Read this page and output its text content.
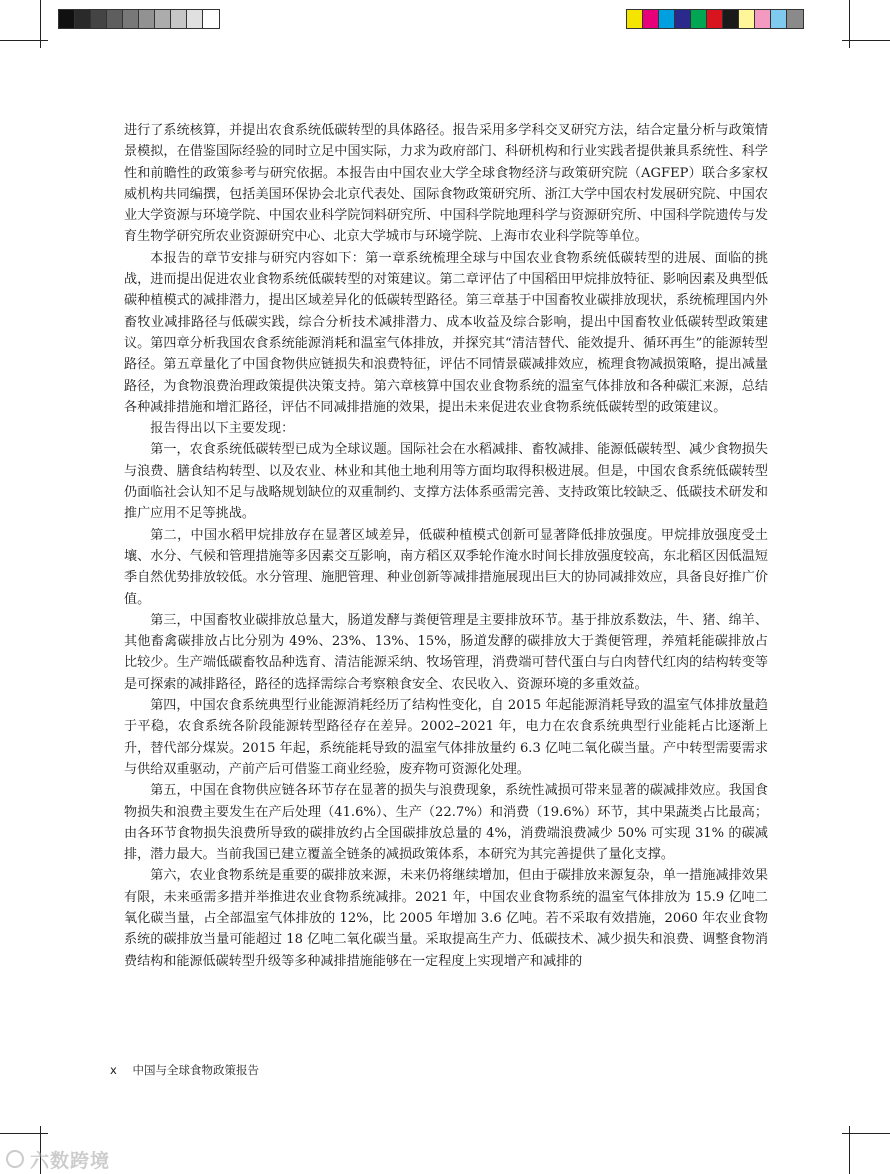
进行了系统核算，并提出农食系统低碳转型的具体路径。报告采用多学科交叉研究方法，结合定量分析与政策情景模拟，在借鉴国际经验的同时立足中国实际，力求为政府部门、科研机构和行业实践者提供兼具系统性、科学性和前瞻性的政策参考与研究依据。本报告由中国农业大学全球食物经济与政策研究院（AGFEP）联合多家权威机构共同编撰，包括美国环保协会北京代表处、国际食物政策研究所、浙江大学中国农村发展研究院、中国农业大学资源与环境学院、中国农业科学院饲料研究所、中国科学院地理科学与资源研究所、中国科学院遗传与发育生物学研究所农业资源研究中心、北京大学城市与环境学院、上海市农业科学院等单位。

本报告的章节安排与研究内容如下：第一章系统梳理全球与中国农业食物系统低碳转型的进展、面临的挑战，进而提出促进农业食物系统低碳转型的对策建议。第二章评估了中国稻田甲烷排放特征、影响因素及典型低碳种植模式的减排潜力，提出区域差异化的低碳转型路径。第三章基于中国畜牧业碳排放现状，系统梳理国内外畜牧业减排路径与低碳实践，综合分析技术减排潜力、成本收益及综合影响，提出中国畜牧业低碳转型政策建议。第四章分析我国农食系统能源消耗和温室气体排放，并探究其“清洁替代、能效提升、循环再生”的能源转型路径。第五章量化了中国食物供应链损失和浪费特征，评估不同情景碳减排效应，梳理食物减损策略，提出减量路径，为食物浪费治理政策提供决策支持。第六章核算中国农业食物系统的温室气体排放和各种碳汇来源，总结各种减排措施和增汇路径，评估不同减排措施的效果，提出未来促进农业食物系统低碳转型的政策建议。

报告得出以下主要发现：

第一，农食系统低碳转型已成为全球议题。国际社会在水稻减排、畜牧减排、能源低碳转型、减少食物损失与浪费、膳食结构转型、以及农业、林业和其他土地利用等方面均取得积极进展。但是，中国农食系统低碳转型仍面临社会认知不足与战略规划缺位的双重制约、支撑方法体系亟需完善、支持政策比较缺乏、低碳技术研发和推广应用不足等挑战。

第二，中国水稻甲烷排放存在显著区域差异，低碳种植模式创新可显著降低排放强度。甲烷排放强度受土壤、水分、气候和管理措施等多因素交互影响，南方稻区双季轮作淹水时间长排放强度较高，东北稻区因低温短季自然优势排放较低。水分管理、施肥管理、种业创新等减排措施展现出巨大的协同减排效应，具备良好推广价值。

第三，中国畜牧业碳排放总量大，肠道发酵与粪便管理是主要排放环节。基于排放系数法，牛、猪、绵羊、其他畜禽碳排放占比分别为 49%、23%、13%、15%，肠道发酵的碳排放大于粪便管理，养殖耗能碳排放占比较少。生产端低碳畜牧品种选育、清洁能源采纳、牧场管理，消费端可替代蛋白与白肉替代红肉的结构转变等是可探索的减排路径，路径的选择需综合考察粮食安全、农民收入、资源环境的多重效益。

第四，中国农食系统典型行业能源消耗经历了结构性变化，自 2015 年起能源消耗导致的温室气体排放量趋于平稳，农食系统各阶段能源转型路径存在差异。2002–2021 年，电力在农食系统典型行业能耗占比逐渐上升，替代部分煤炭。2015 年起，系统能耗导致的温室气体排放量约 6.3 亿吨二氧化碳当量。产中转型需要需求与供给双重驱动，产前产后可借鉴工商业经验，废弃物可资源化处理。

第五，中国在食物供应链各环节存在显著的损失与浪费现象，系统性减损可带来显著的碳减排效应。我国食物损失和浪费主要发生在产后处理（41.6%）、生产（22.7%）和消费（19.6%）环节，其中果蔬类占比最高；由各环节食物损失浪费所导致的碳排放约占全国碳排放总量的 4%，消费端浪费减少 50% 可实现 31% 的碳减排，潜力最大。当前我国已建立覆盖全链条的减损政策体系，本研究为其完善提供了量化支撑。

第六，农业食物系统是重要的碳排放来源，未来仍将继续增加，但由于碳排放来源复杂，单一措施减排效果有限，未来亟需多措并举推进农业食物系统减排。2021 年，中国农业食物系统的温室气体排放为 15.9 亿吨二氧化碳当量，占全部温室气体排放的 12%，比 2005 年增加 3.6 亿吨。若不采取有效措施，2060 年农业食物系统的碳排放当量可能超过 18 亿吨二氧化碳当量。采取提高生产力、低碳技术、减少损失和浪费、调整食物消费结构和能源低碳转型升级等多种减排措施能够在一定程度上实现增产和减排的

x 中国与全球食物政策报告
六数跨境
